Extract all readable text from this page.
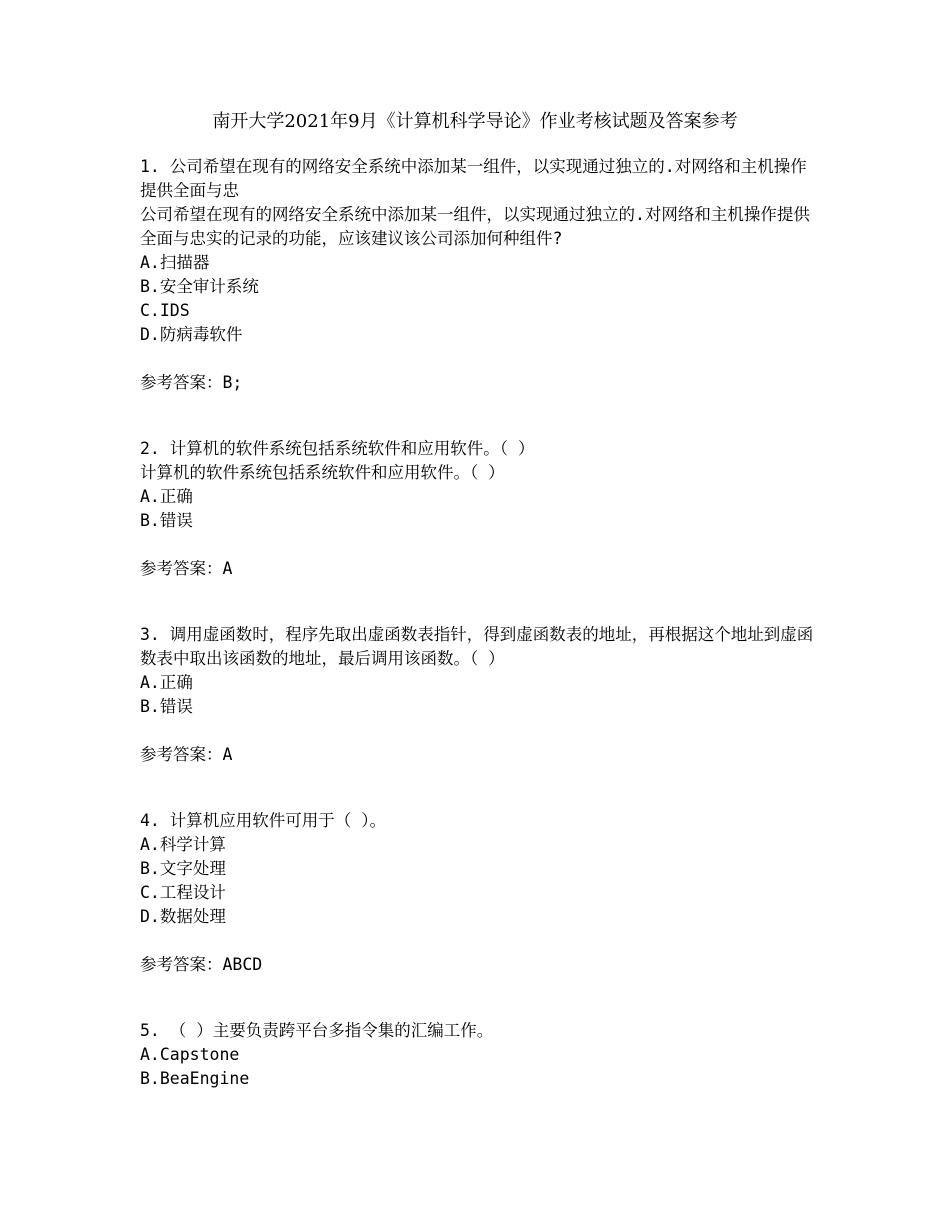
南开大学2021年9月《计算机科学导论》作业考核试题及答案参考

1. 公司希望在现有的网络安全系统中添加某一组件，以实现通过独立的.对网络和主机操作提供全面与忠

公司希望在现有的网络安全系统中添加某一组件，以实现通过独立的.对网络和主机操作提供全面与忠实的记录的功能，应该建议该公司添加何种组件?

A.扫描器

B.安全审计系统

C.IDS

D.防病毒软件

参考答案：B;

2. 计算机的软件系统包括系统软件和应用软件。（ ）

计算机的软件系统包括系统软件和应用软件。（ ）

A.正确

B.错误

参考答案：A

3. 调用虚函数时，程序先取出虚函数表指针，得到虚函数表的地址，再根据这个地址到虚函数表中取出该函数的地址，最后调用该函数。（ ）

A.正确

B.错误

参考答案：A

4. 计算机应用软件可用于（ ）。

A.科学计算

B.文字处理

C.工程设计

D.数据处理

参考答案：ABCD

5. （ ）主要负责跨平台多指令集的汇编工作。

A.Capstone

B.BeaEngine
